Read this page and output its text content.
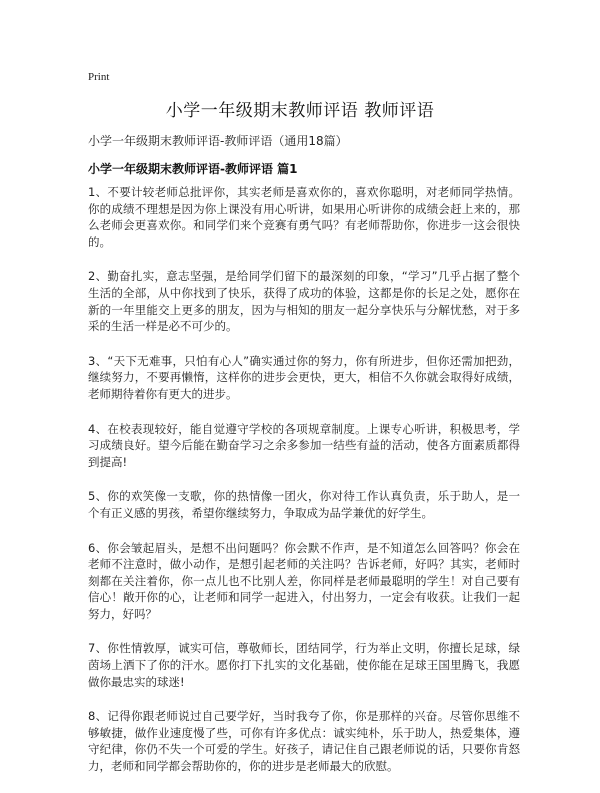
Print
小学一年级期末教师评语 教师评语
小学一年级期末教师评语-教师评语（通用18篇）
小学一年级期末教师评语-教师评语 篇1

1、不要计较老师总批评你，其实老师是喜欢你的，喜欢你聪明，对老师同学热情。你的成绩不理想是因为你上课没有用心听讲，如果用心听讲你的成绩会赶上来的，那么老师会更喜欢你。和同学们来个竞赛有勇气吗？有老师帮助你，你进步一这会很快的。

2、勤奋扎实，意志坚强，是给同学们留下的最深刻的印象，“学习”几乎占据了整个生活的全部，从中你找到了快乐，获得了成功的体验，这都是你的长足之处，愿你在新的一年里能交上更多的朋友，因为与相知的朋友一起分享快乐与分解忧愁，对于多采的生活一样是必不可少的。

3、“天下无难事，只怕有心人”确实通过你的努力，你有所进步，但你还需加把劲，继续努力，不要再懒惰，这样你的进步会更快，更大，相信不久你就会取得好成绩，老师期待着你有更大的进步。

4、在校表现较好，能自觉遵守学校的各项规章制度。上课专心听讲，积极思考，学习成绩良好。望今后能在勤奋学习之余多参加一结些有益的活动，使各方面素质都得到提高!

5、你的欢笑像一支歌，你的热情像一团火，你对待工作认真负责，乐于助人，是一个有正义感的男孩，希望你继续努力，争取成为品学兼优的好学生。

6、你会皱起眉头，是想不出问题吗？你会默不作声，是不知道怎么回答吗？你会在老师不注意时，做小动作，是想引起老师的关注吗？告诉老师，好吗？其实，老师时刻都在关注着你，你一点儿也不比别人差，你同样是老师最聪明的学生！对自己要有信心！敞开你的心，让老师和同学一起进入，付出努力，一定会有收获。让我们一起努力，好吗？

7、你性情敦厚，诚实可信，尊敬师长，团结同学，行为举止文明，你擅长足球，绿茵场上洒下了你的汗水。愿你打下扎实的文化基础，使你能在足球王国里腾飞，我愿做你最忠实的球迷!

8、记得你跟老师说过自己要学好，当时我夸了你，你是那样的兴奋。尽管你思维不够敏捷，做作业速度慢了些，可你有许多优点：诚实纯朴，乐于助人，热爱集体，遵守纪律，你仍不失一个可爱的学生。好孩子，请记住自己跟老师说的话，只要你肯怒力，老师和同学都会帮助你的，你的进步是老师最大的欣慰。
